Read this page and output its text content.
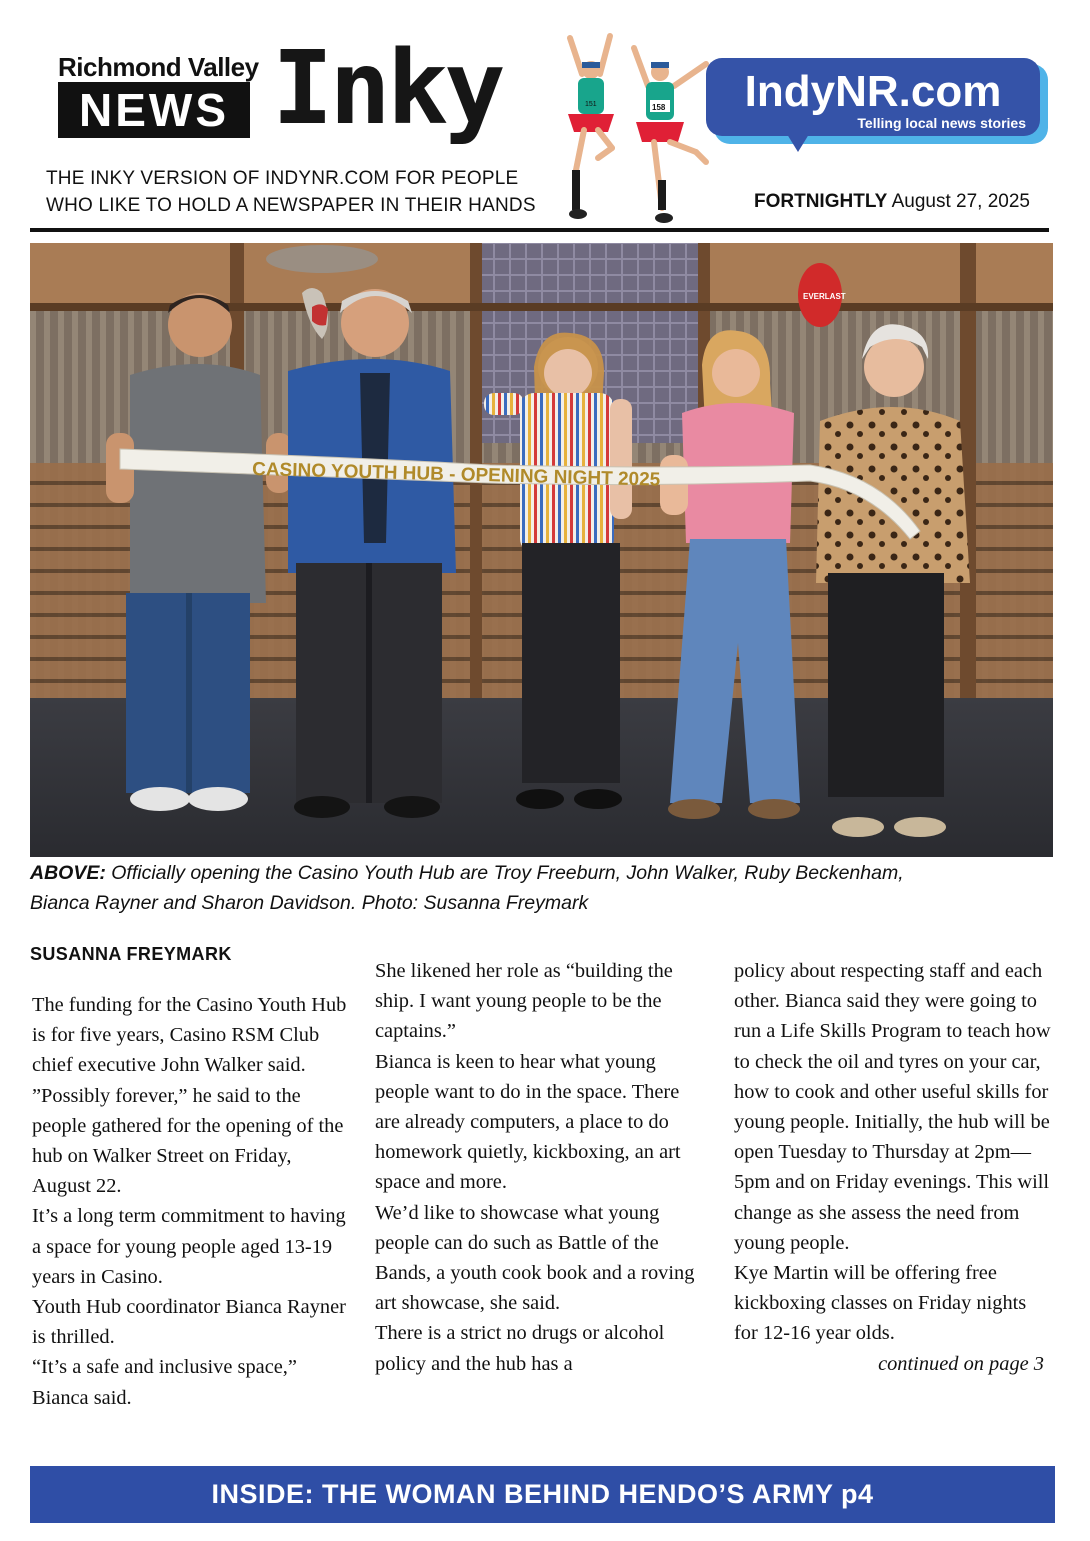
Richmond Valley
NEWS Inky
THE INKY VERSION OF INDYNR.COM FOR PEOPLE
WHO LIKE TO HOLD A NEWSPAPER IN THEIR HANDS
151	158	IndyNR.com
Telling local news stories
FORTNIGHTLY August 27, 2025
EVERLAST
CASINO YOUTH HUB - OPENING NIGHT 2025
ABOVE: Officially opening the Casino Youth Hub are Troy Freeburn, John Walker, Ruby Beckenham,
Bianca Rayner and Sharon Davidson. Photo: Susanna Freymark
SUSANNA FREYMARK

The funding for the Casino Youth Hub is for five years, Casino RSM Club chief executive John Walker said.

”Possibly forever,” he said to the people gathered for the opening of the hub on Walker Street on Friday, August 22.

It’s a long term commitment to having a space for young people aged 13-19 years in Casino.

Youth Hub coordinator Bianca Rayner is thrilled.

“It’s a safe and inclusive space,” Bianca said.

She likened her role as “building the ship. I want young people to be the captains.”

Bianca is keen to hear what young people want to do in the space. There are already computers, a place to do homework quietly, kickboxing, an art space and more.

We’d like to showcase what young people can do such as Battle of the Bands, a youth cook book and a roving art showcase, she said.

There is a strict no drugs or alcohol policy and the hub has a

policy about respecting staff and each other. Bianca said they were going to run a Life Skills Program to teach how to check the oil and tyres on your car, how to cook and other useful skills for young people. Initially, the hub will be open Tuesday to Thursday at 2pm—5pm and on Friday evenings. This will change as she assess the need from young people.

Kye Martin will be offering free kickboxing classes on Friday nights for 12-16 year olds.

continued on page 3

INSIDE: THE WOMAN BEHIND HENDO’S ARMY p4
